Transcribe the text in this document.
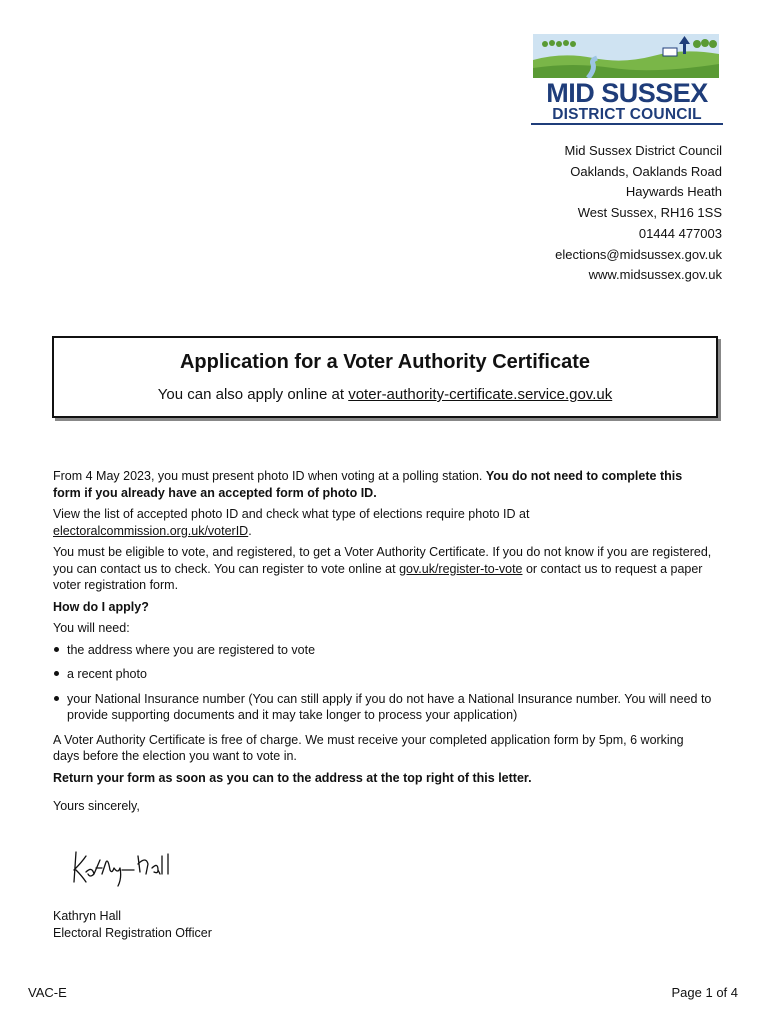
MID SUSSEX
DISTRICT COUNCIL
Mid Sussex District Council
Oaklands, Oaklands Road
Haywards Heath
West Sussex, RH16 1SS
01444 477003
elections@midsussex.gov.uk
www.midsussex.gov.uk
Application for a Voter Authority Certificate
You can also apply online at voter-authority-certificate.service.gov.uk

From 4 May 2023, you must present photo ID when voting at a polling station. You do not need to complete this form if you already have an accepted form of photo ID.

View the list of accepted photo ID and check what type of elections require photo ID at electoralcommission.org.uk/voterID.

You must be eligible to vote, and registered, to get a Voter Authority Certificate. If you do not know if you are registered, you can contact us to check. You can register to vote online at gov.uk/register-to-vote or contact us to request a paper voter registration form.

How do I apply?

You will need:

the address where you are registered to vote
a recent photo
your National Insurance number (You can still apply if you do not have a National Insurance number. You will need to provide supporting documents and it may take longer to process your application)

A Voter Authority Certificate is free of charge. We must receive your completed application form by 5pm, 6 working days before the election you want to vote in.

Return your form as soon as you can to the address at the top right of this letter.

Yours sincerely,

Kathryn Hall
Electoral Registration Officer
VAC-E	Page 1 of 4
